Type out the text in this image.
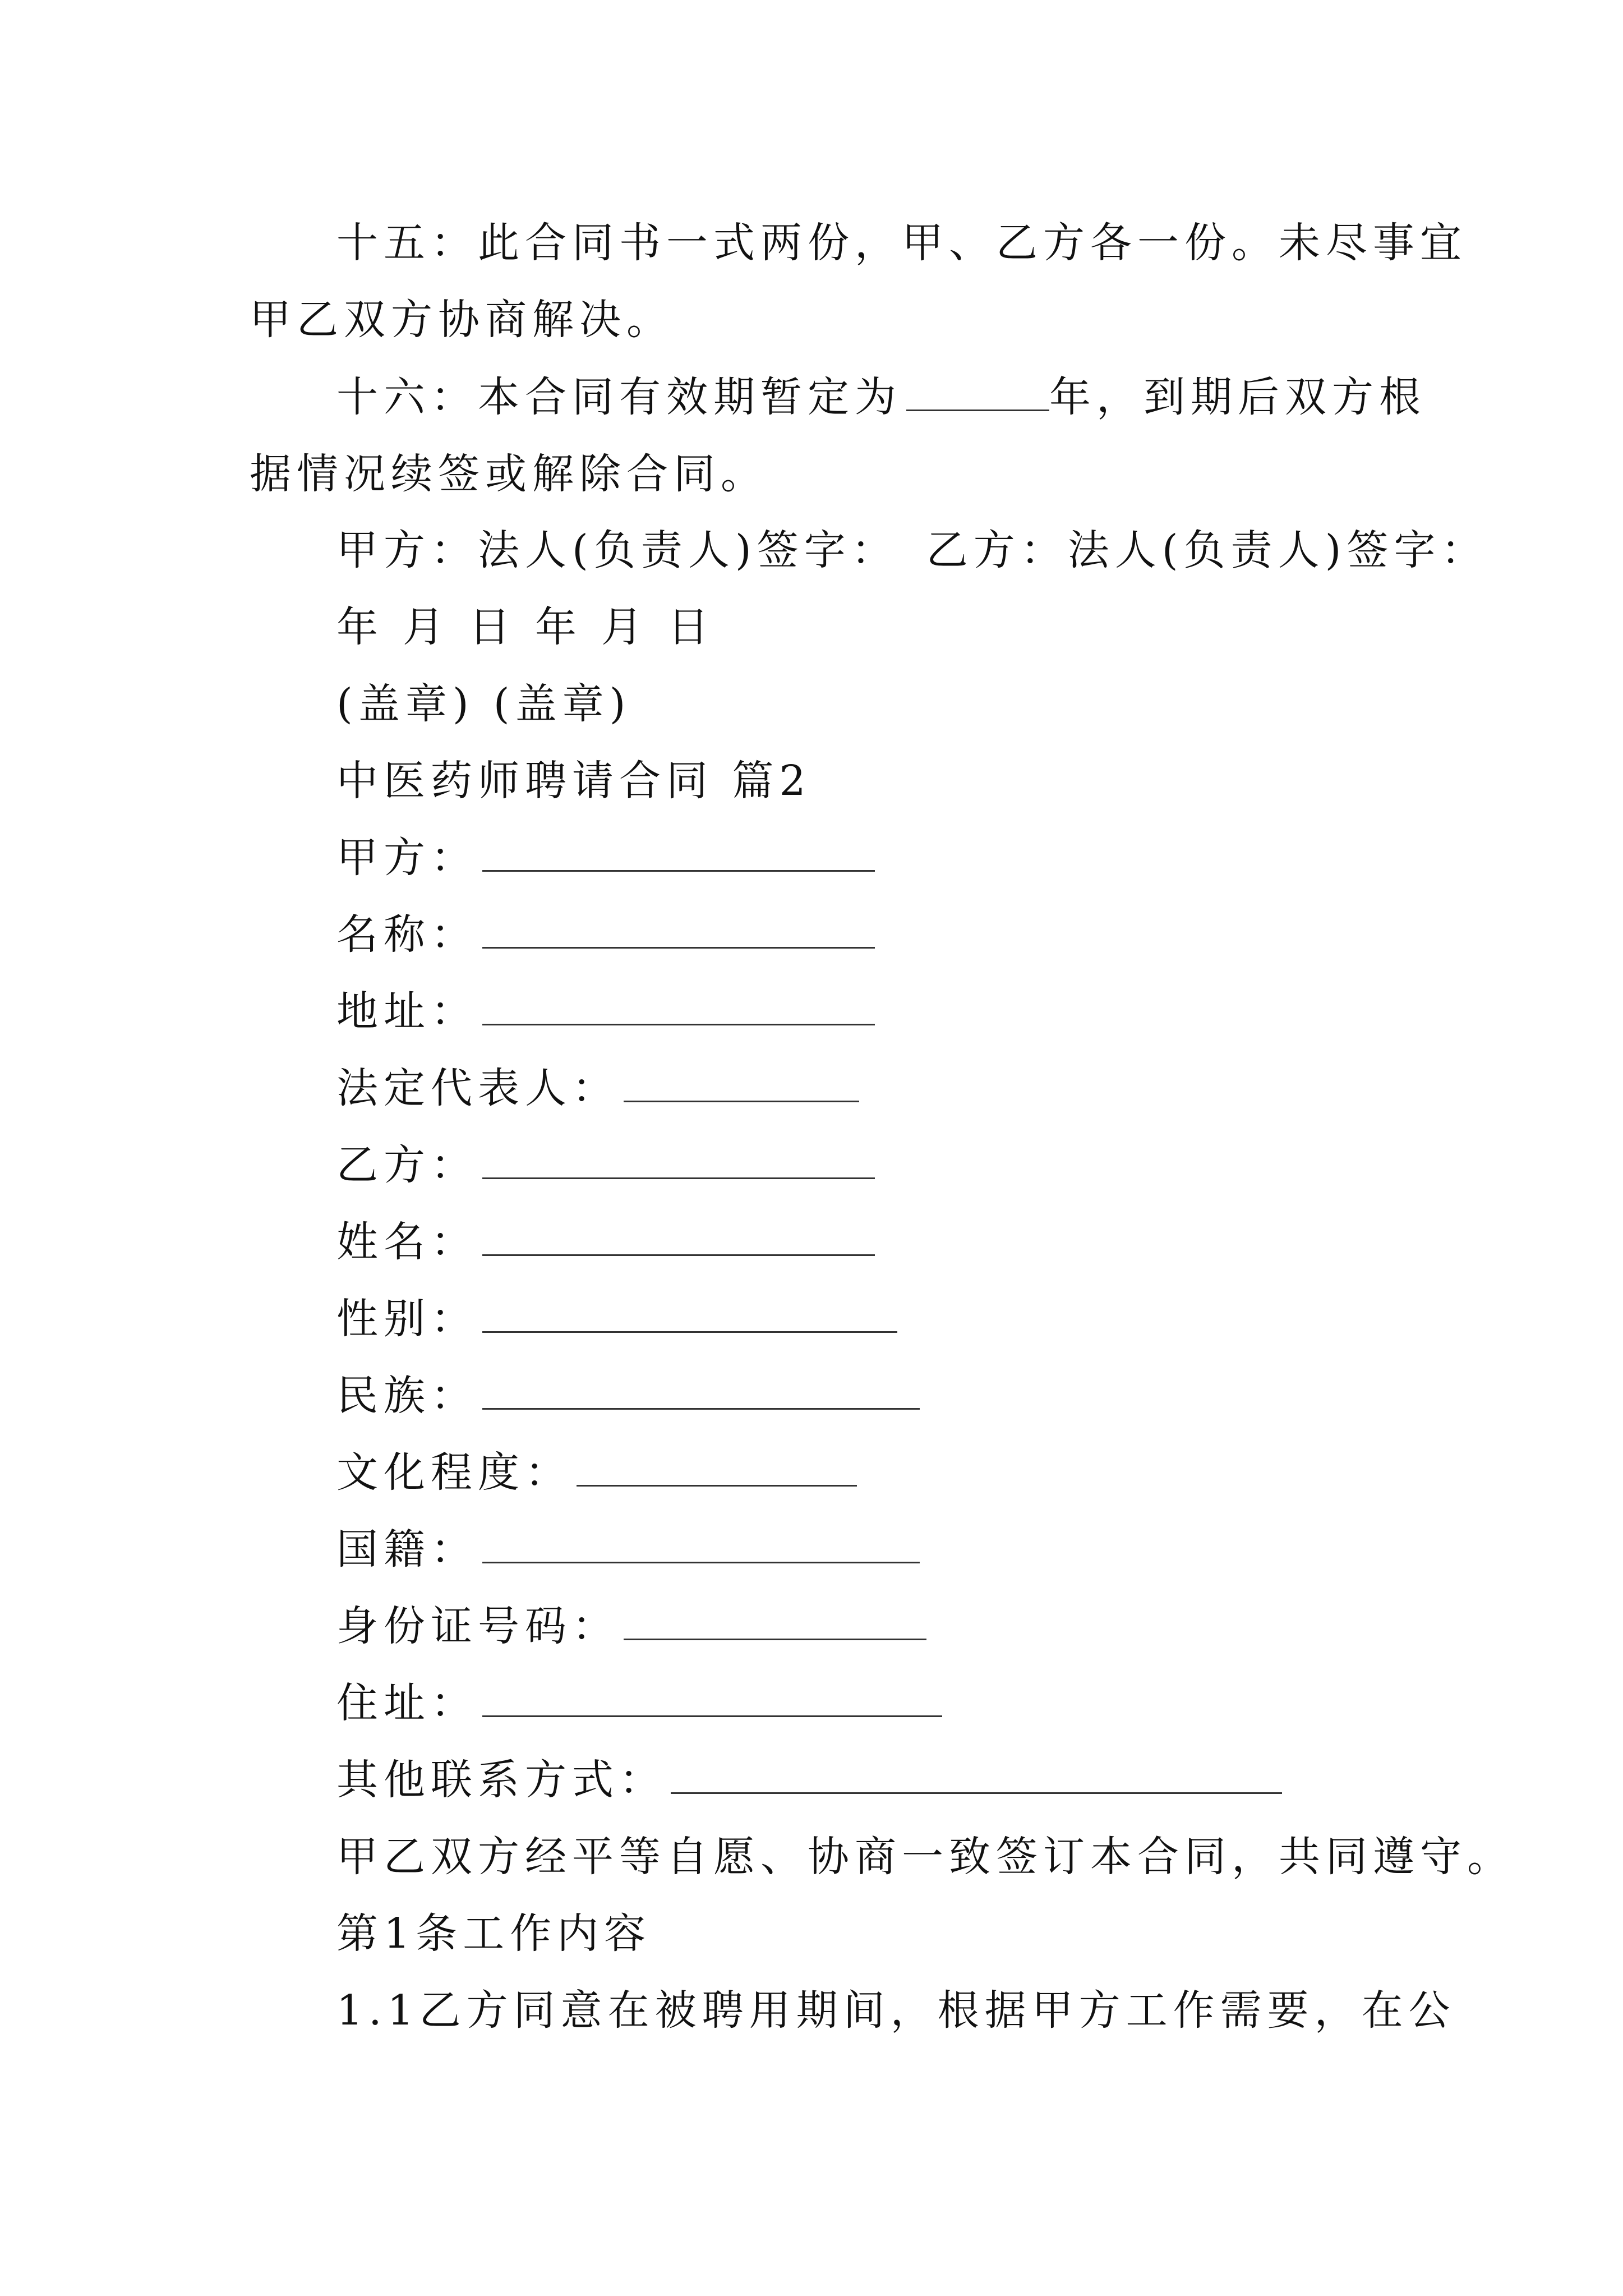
十五：此合同书一式两份，甲、乙方各一份。未尽事宜
甲乙双方协商解决。
十六：本合同有效期暂定为	年，到期后双方根
据情况续签或解除合同。
甲方：法人(负责人)签字： 乙方：法人(负责人)签字：
年 月 日 年 月 日
(盖章) (盖章)
中医药师聘请合同 篇2
甲方：
名称：
地址：
法定代表人：
乙方：
姓名：
性别：
民族：
文化程度：
国籍：
身份证号码：
住址：
其他联系方式：
甲乙双方经平等自愿、协商一致签订本合同，共同遵守。
第1条工作内容
1.1乙方同意在被聘用期间，根据甲方工作需要，在公
